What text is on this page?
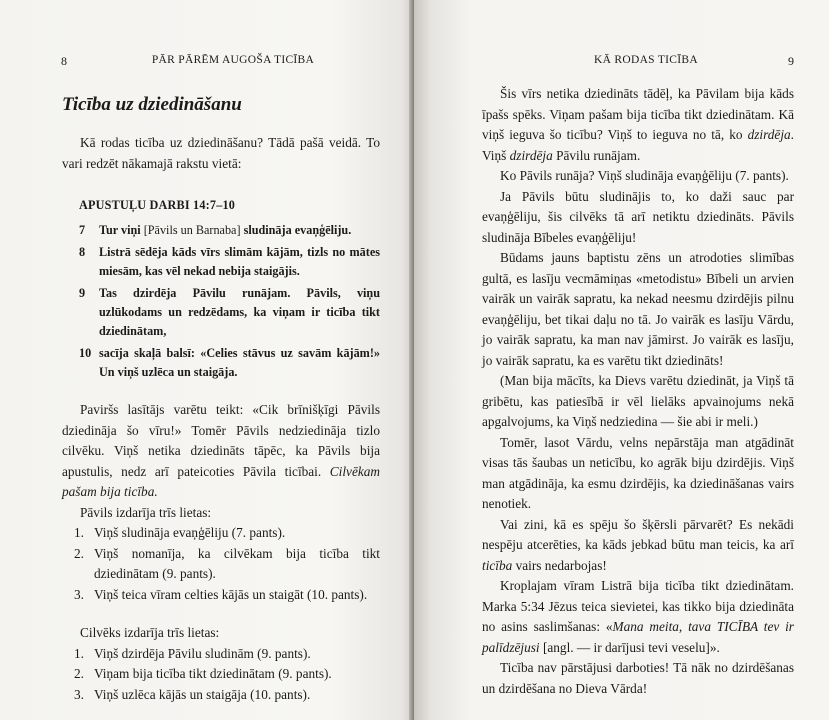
8	PĀR PĀRĒM AUGOŠA TICĪBA
Ticība uz dziedināšanu

Kā rodas ticība uz dziedināšanu? Tādā pašā veidā. To vari redzēt nākamajā rakstu vietā:

APUSTUĻU DARBI 14:7–10
7	Tur viņi [Pāvils un Barnaba] sludināja evaņģēliju.
8	Listrā sēdēja kāds vīrs slimām kājām, tizls no mātes miesām, kas vēl nekad nebija staigājis.
9	Tas dzirdēja Pāvilu runājam. Pāvils, viņu uzlūkodams un redzēdams, ka viņam ir ticība tikt dziedinātam,
10 sacīja skaļā balsī: «Celies stāvus uz savām kājām!» Un viņš uzlēca un staigāja.

Paviršs lasītājs varētu teikt: «Cik brīnišķīgi Pāvils dziedināja šo vīru!» Tomēr Pāvils nedziedināja tizlo cilvēku. Viņš netika dziedināts tāpēc, ka Pāvils bija apustulis, nedz arī pateicoties Pāvila ticībai. Cilvēkam pašam bija ticība.

Pāvils izdarīja trīs lietas:

1. Viņš sludināja evaņģēliju (7. pants).
2. Viņš nomanīja, ka cilvēkam bija ticība tikt dziedinātam (9. pants).
3. Viņš teica vīram celties kājās un staigāt (10. pants).

Cilvēks izdarīja trīs lietas:

1. Viņš dzirdēja Pāvilu sludinām (9. pants).
2. Viņam bija ticība tikt dziedinātam (9. pants).
3. Viņš uzlēca kājās un staigāja (10. pants).
KĀ RODAS TICĪBA	9

Šis vīrs netika dziedināts tādēļ, ka Pāvilam bija kāds īpašs spēks. Viņam pašam bija ticība tikt dziedinātam. Kā viņš ieguva šo ticību? Viņš to ieguva no tā, ko dzirdēja. Viņš dzirdēja Pāvilu runājam.

Ko Pāvils runāja? Viņš sludināja evaņģēliju (7. pants).

Ja Pāvils būtu sludinājis to, ko daži sauc par evaņģēliju, šis cilvēks tā arī netiktu dziedināts. Pāvils sludināja Bībeles evaņģēliju!

Būdams jauns baptistu zēns un atrodoties slimības gultā, es lasīju vecmāmiņas «metodistu» Bībeli un arvien vairāk un vairāk sapratu, ka nekad neesmu dzirdējis pilnu evaņģēliju, bet tikai daļu no tā. Jo vairāk es lasīju Vārdu, jo vairāk sapratu, ka man nav jāmirst. Jo vairāk es lasīju, jo vairāk sapratu, ka es varētu tikt dziedināts!

(Man bija mācīts, ka Dievs varētu dziedināt, ja Viņš tā gribētu, kas patiesībā ir vēl lielāks apvainojums nekā apgalvojums, ka Viņš nedziedina — šie abi ir meli.)

Tomēr, lasot Vārdu, velns nepārstāja man atgādināt visas tās šaubas un neticību, ko agrāk biju dzirdējis. Viņš man atgādināja, ka esmu dzirdējis, ka dziedināšanas vairs nenotiek.

Vai zini, kā es spēju šo šķērsli pārvarēt? Es nekādi nespēju atcerēties, ka kāds jebkad būtu man teicis, ka arī ticība vairs nedarbojas!

Kroplajam vīram Listrā bija ticība tikt dziedinātam. Marka 5:34 Jēzus teica sievietei, kas tikko bija dziedināta no asins saslimšanas: «Mana meita, tava TICĪBA tev ir palīdzējusi [angl. — ir darījusi tevi veselu]».

Ticība nav pārstājusi darboties! Tā nāk no dzirdēšanas un dzirdēšana no Dieva Vārda!
